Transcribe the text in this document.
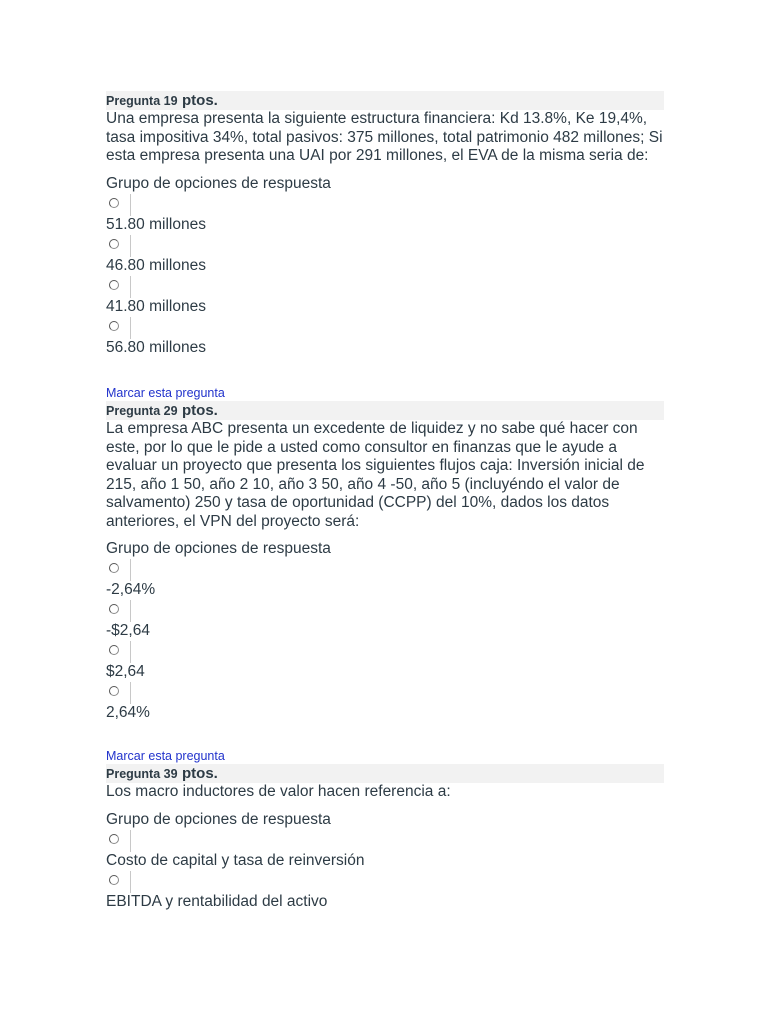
Pregunta 19 ptos.

Una empresa presenta la siguiente estructura financiera: Kd 13.8%, Ke 19,4%, tasa impositiva 34%, total pasivos: 375 millones, total patrimonio 482 millones; Si esta empresa presenta una UAI por 291 millones, el EVA de la misma seria de:

Grupo de opciones de respuesta
51.80 millones
46.80 millones
41.80 millones
56.80 millones
Marcar esta pregunta
Pregunta 29 ptos.

La empresa ABC presenta un excedente de liquidez y no sabe qué hacer con este, por lo que le pide a usted como consultor en finanzas que le ayude a evaluar un proyecto que presenta los siguientes flujos caja: Inversión inicial de 215, año 1 50, año 2 10, año 3 50, año 4 -50, año 5 (incluyéndo el valor de salvamento) 250 y tasa de oportunidad (CCPP) del 10%, dados los datos anteriores, el VPN del proyecto será:

Grupo de opciones de respuesta
-2,64%
-$2,64
$2,64
2,64%
Marcar esta pregunta
Pregunta 39 ptos.

Los macro inductores de valor hacen referencia a:

Grupo de opciones de respuesta
Costo de capital y tasa de reinversión
EBITDA y rentabilidad del activo
